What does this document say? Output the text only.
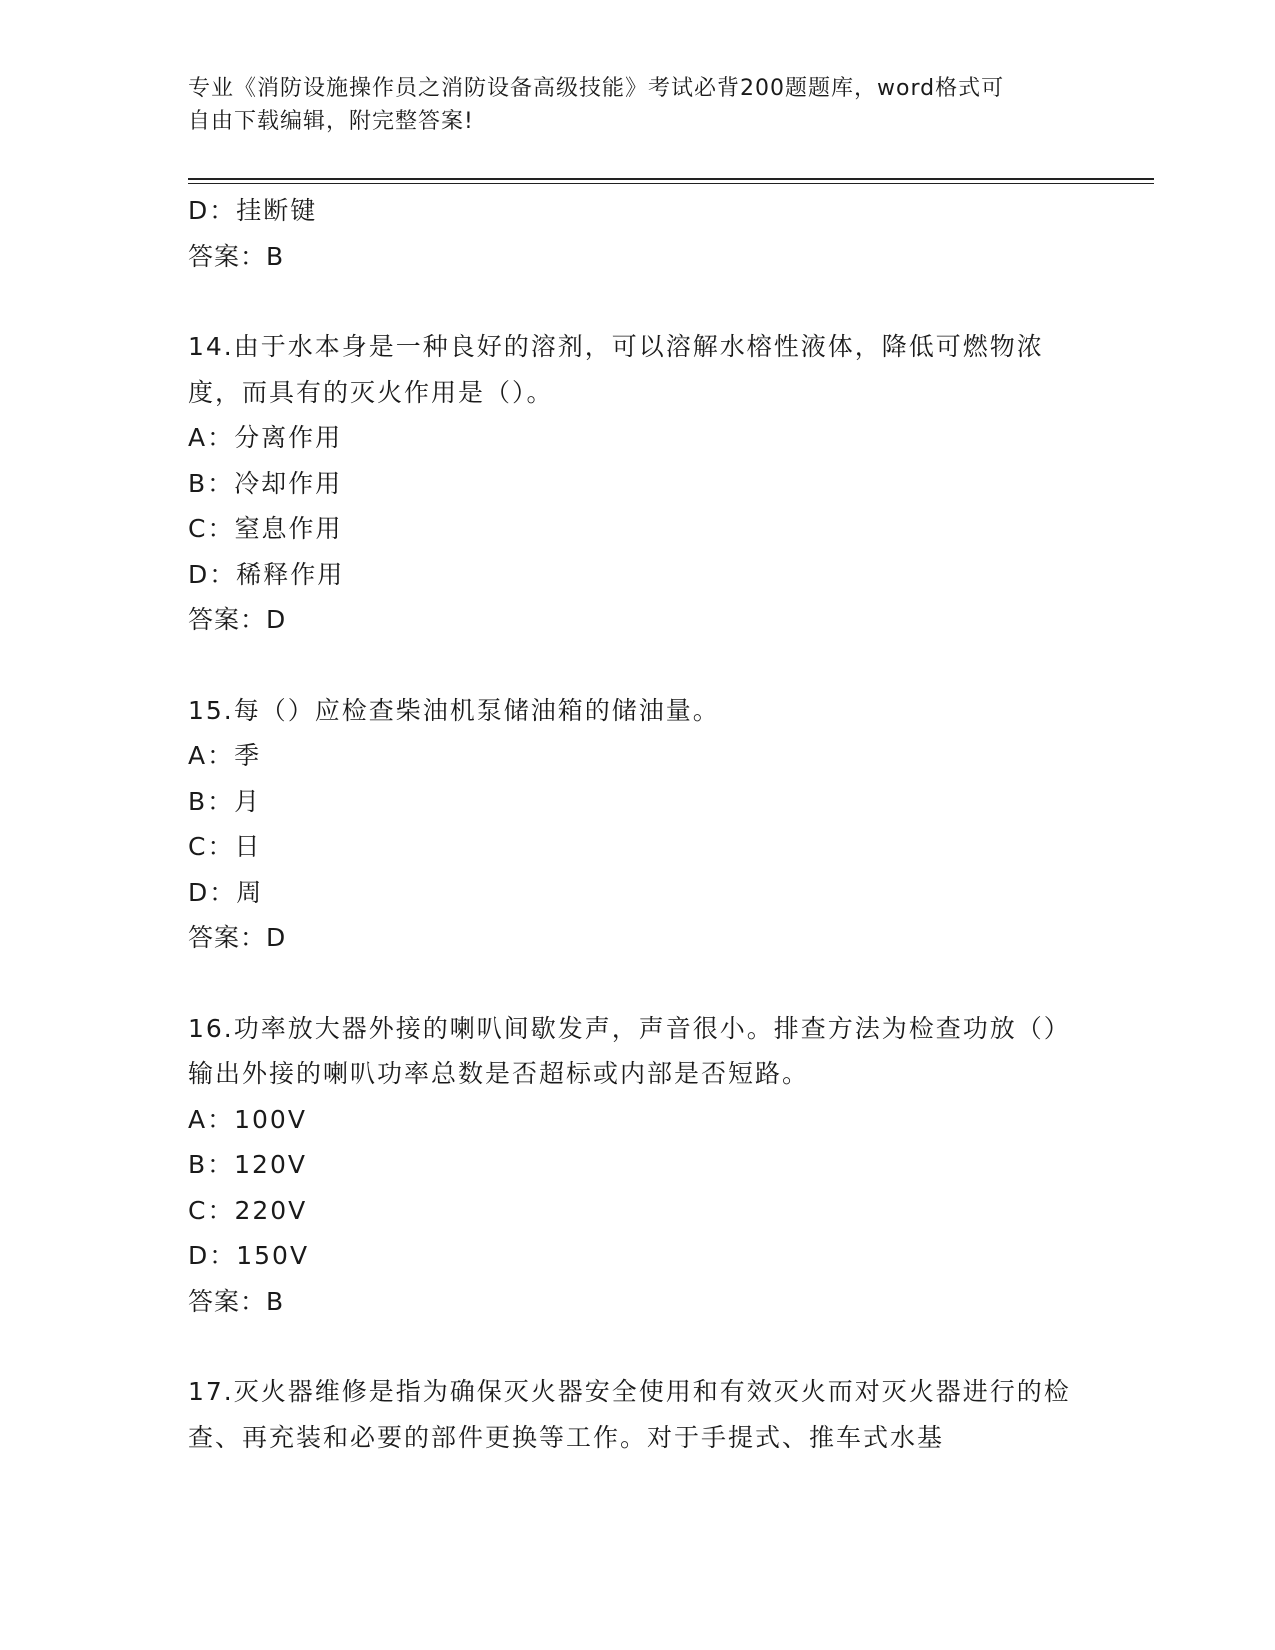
专业《消防设施操作员之消防设备高级技能》考试必背200题题库，word格式可
自由下载编辑，附完整答案!
D：挂断键
答案：B
14.由于水本身是一种良好的溶剂，可以溶解水榕性液体，降低可燃物浓度，而具有的灭火作用是（）。
A：分离作用
B：冷却作用
C：窒息作用
D：稀释作用
答案：D
15.每（）应检查柴油机泵储油箱的储油量。
A：季
B：月
C：日
D：周
答案：D
16.功率放大器外接的喇叭间歇发声，声音很小。排查方法为检查功放（）输出外接的喇叭功率总数是否超标或内部是否短路。
A：100V
B：120V
C：220V
D：150V
答案：B
17.灭火器维修是指为确保灭火器安全使用和有效灭火而对灭火器进行的检查、再充装和必要的部件更换等工作。对于手提式、推车式水基
